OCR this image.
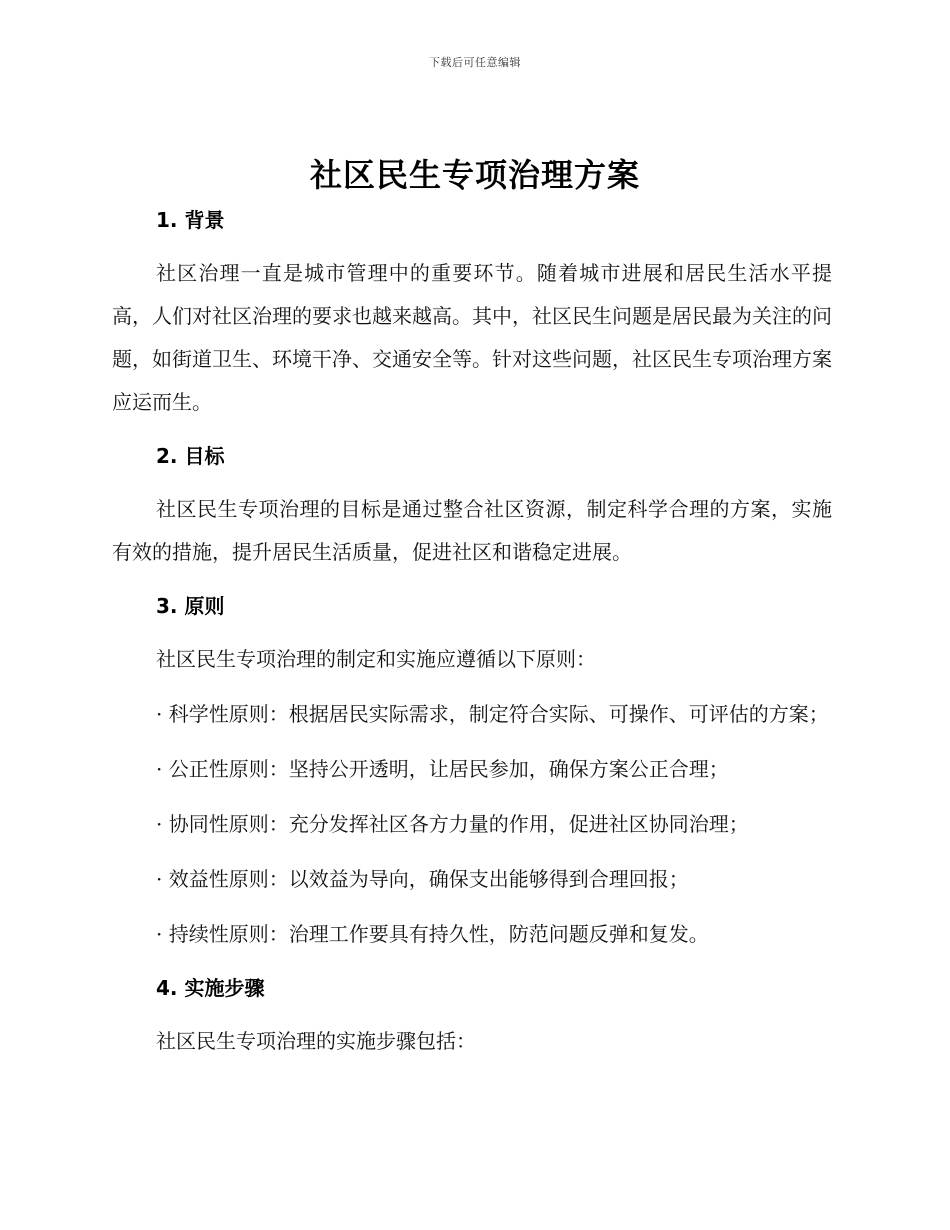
下载后可任意编辑
社区民生专项治理方案
1. 背景

社区治理一直是城市管理中的重要环节。随着城市进展和居民生活水平提高，人们对社区治理的要求也越来越高。其中，社区民生问题是居民最为关注的问题，如街道卫生、环境干净、交通安全等。针对这些问题，社区民生专项治理方案应运而生。

2. 目标

社区民生专项治理的目标是通过整合社区资源，制定科学合理的方案，实施有效的措施，提升居民生活质量，促进社区和谐稳定进展。

3. 原则

社区民生专项治理的制定和实施应遵循以下原则：

· 科学性原则：根据居民实际需求，制定符合实际、可操作、可评估的方案；

· 公正性原则：坚持公开透明，让居民参加，确保方案公正合理；

· 协同性原则：充分发挥社区各方力量的作用，促进社区协同治理；

· 效益性原则：以效益为导向，确保支出能够得到合理回报；

· 持续性原则：治理工作要具有持久性，防范问题反弹和复发。

4. 实施步骤

社区民生专项治理的实施步骤包括：
